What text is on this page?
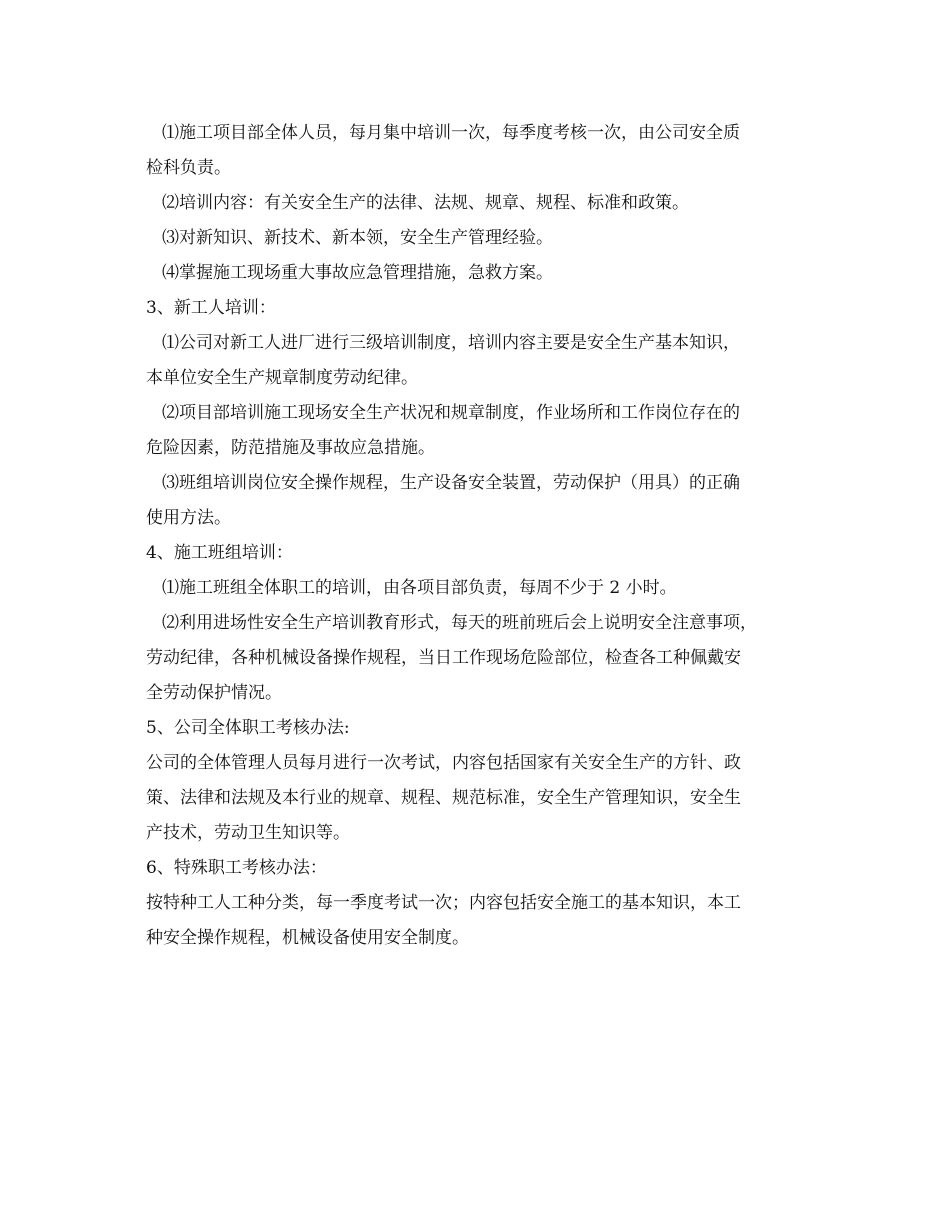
⑴施工项目部全体人员，每月集中培训一次，每季度考核一次，由公司安全质
检科负责。
⑵培训内容：有关安全生产的法律、法规、规章、规程、标准和政策。
⑶对新知识、新技术、新本领，安全生产管理经验。
⑷掌握施工现场重大事故应急管理措施，急救方案。
3、新工人培训：
⑴公司对新工人进厂进行三级培训制度，培训内容主要是安全生产基本知识，
本单位安全生产规章制度劳动纪律。
⑵项目部培训施工现场安全生产状况和规章制度，作业场所和工作岗位存在的
危险因素，防范措施及事故应急措施。
⑶班组培训岗位安全操作规程，生产设备安全装置，劳动保护（用具）的正确
使用方法。
4、施工班组培训：
⑴施工班组全体职工的培训，由各项目部负责，每周不少于 2 小时。
⑵利用进场性安全生产培训教育形式，每天的班前班后会上说明安全注意事项，
劳动纪律，各种机械设备操作规程，当日工作现场危险部位，检查各工种佩戴安
全劳动保护情况。
5、公司全体职工考核办法:
公司的全体管理人员每月进行一次考试，内容包括国家有关安全生产的方针、政
策、法律和法规及本行业的规章、规程、规范标准，安全生产管理知识，安全生
产技术，劳动卫生知识等。
6、特殊职工考核办法：
按特种工人工种分类，每一季度考试一次；内容包括安全施工的基本知识，本工
种安全操作规程，机械设备使用安全制度。
